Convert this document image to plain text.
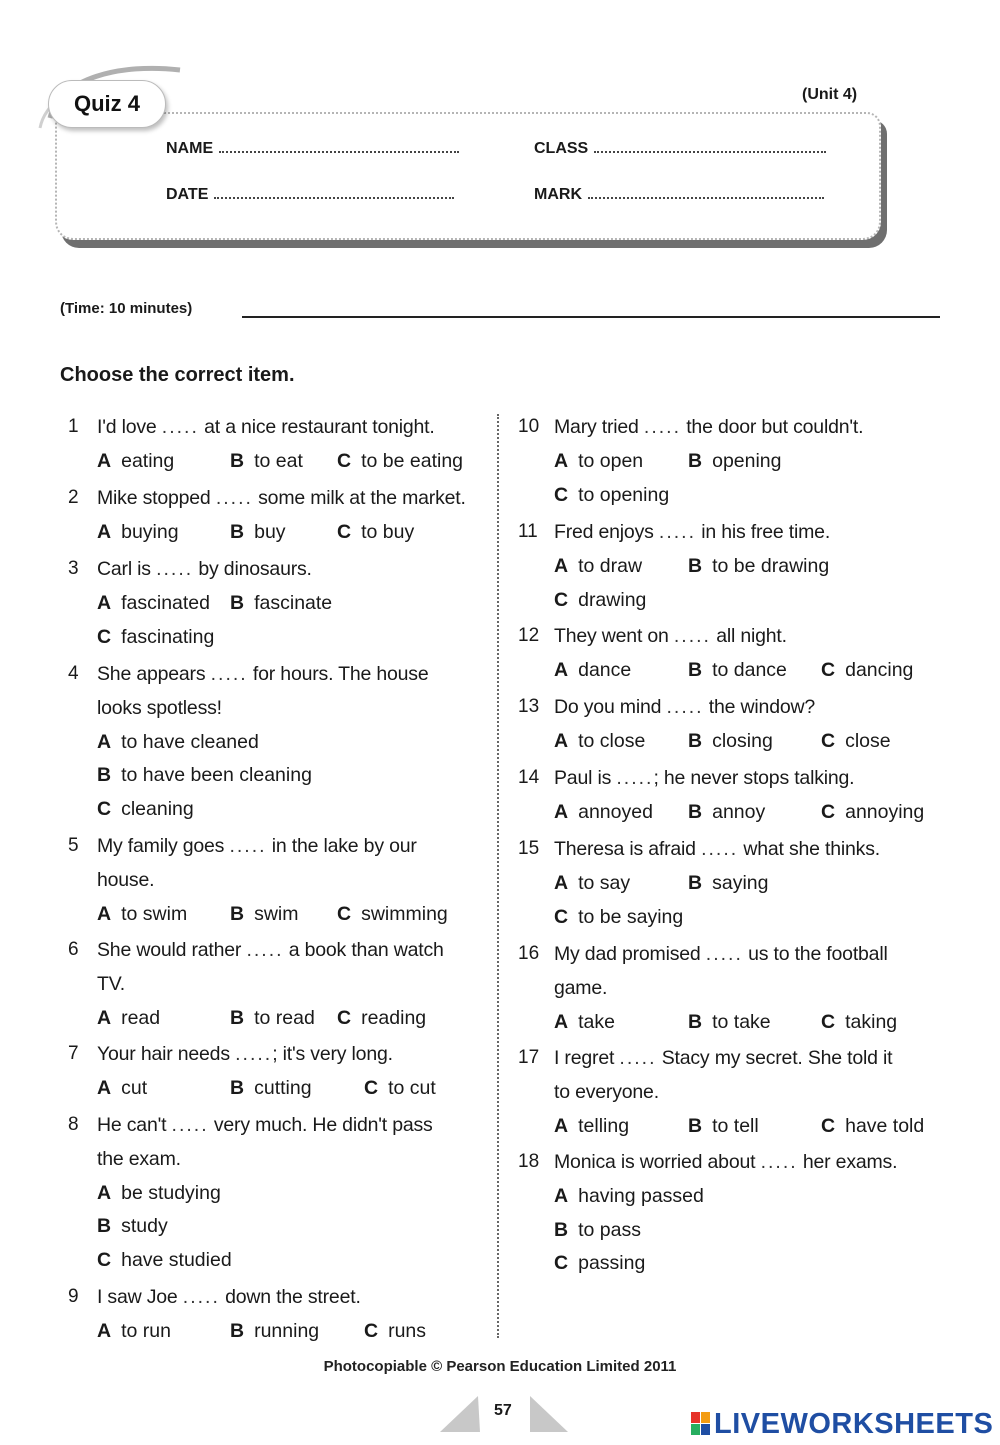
Quiz 4	(Unit 4)
NAME	CLASS
DATE	MARK
(Time: 10 minutes)
Choose the correct item.
1 I'd love ..... at a nice restaurant tonight.
A eating	B to eat C to be eating
2 Mike stopped ..... some milk at the market.
A buying	B buy	C to buy
3 Carl is ..... by dinosaurs.
A fascinated B fascinate
C fascinating
4 She appears ..... for hours. The house
looks spotless!
A to have cleaned
B to have been cleaning
C cleaning
5 My family goes ..... in the lake by our
house.
A to swim B swim C swimming
6 She would rather ..... a book than watch
TV.
A read	B to read C reading
7 Your hair needs .....; it's very long.
A cut	B cutting	C to cut
8 He can't ..... very much. He didn't pass
the exam.
A be studying
B study
C have studied
9 I saw Joe ..... down the street.
A to run	B running C runs
10 Mary tried ..... the door but couldn't.
A to open B opening
C to opening
11 Fred enjoys ..... in his free time.
A to draw B to be drawing
C drawing
12 They went on ..... all night.
A dance	B to dance C dancing
13 Do you mind ..... the window?
A to close B closing C close
14 Paul is .....; he never stops talking.
A annoyed B annoy	C annoying
15 Theresa is afraid ..... what she thinks.
A to say	B saying
C to be saying
16 My dad promised ..... us to the football
game.
A take	B to take	C taking
17 I regret ..... Stacy my secret. She told it
to everyone.
A telling	B to tell	C have told
18 Monica is worried about ..... her exams.
A having passed
B to pass
C passing
Photocopiable © Pearson Education Limited 2011
57	LIVEWORKSHEETS
